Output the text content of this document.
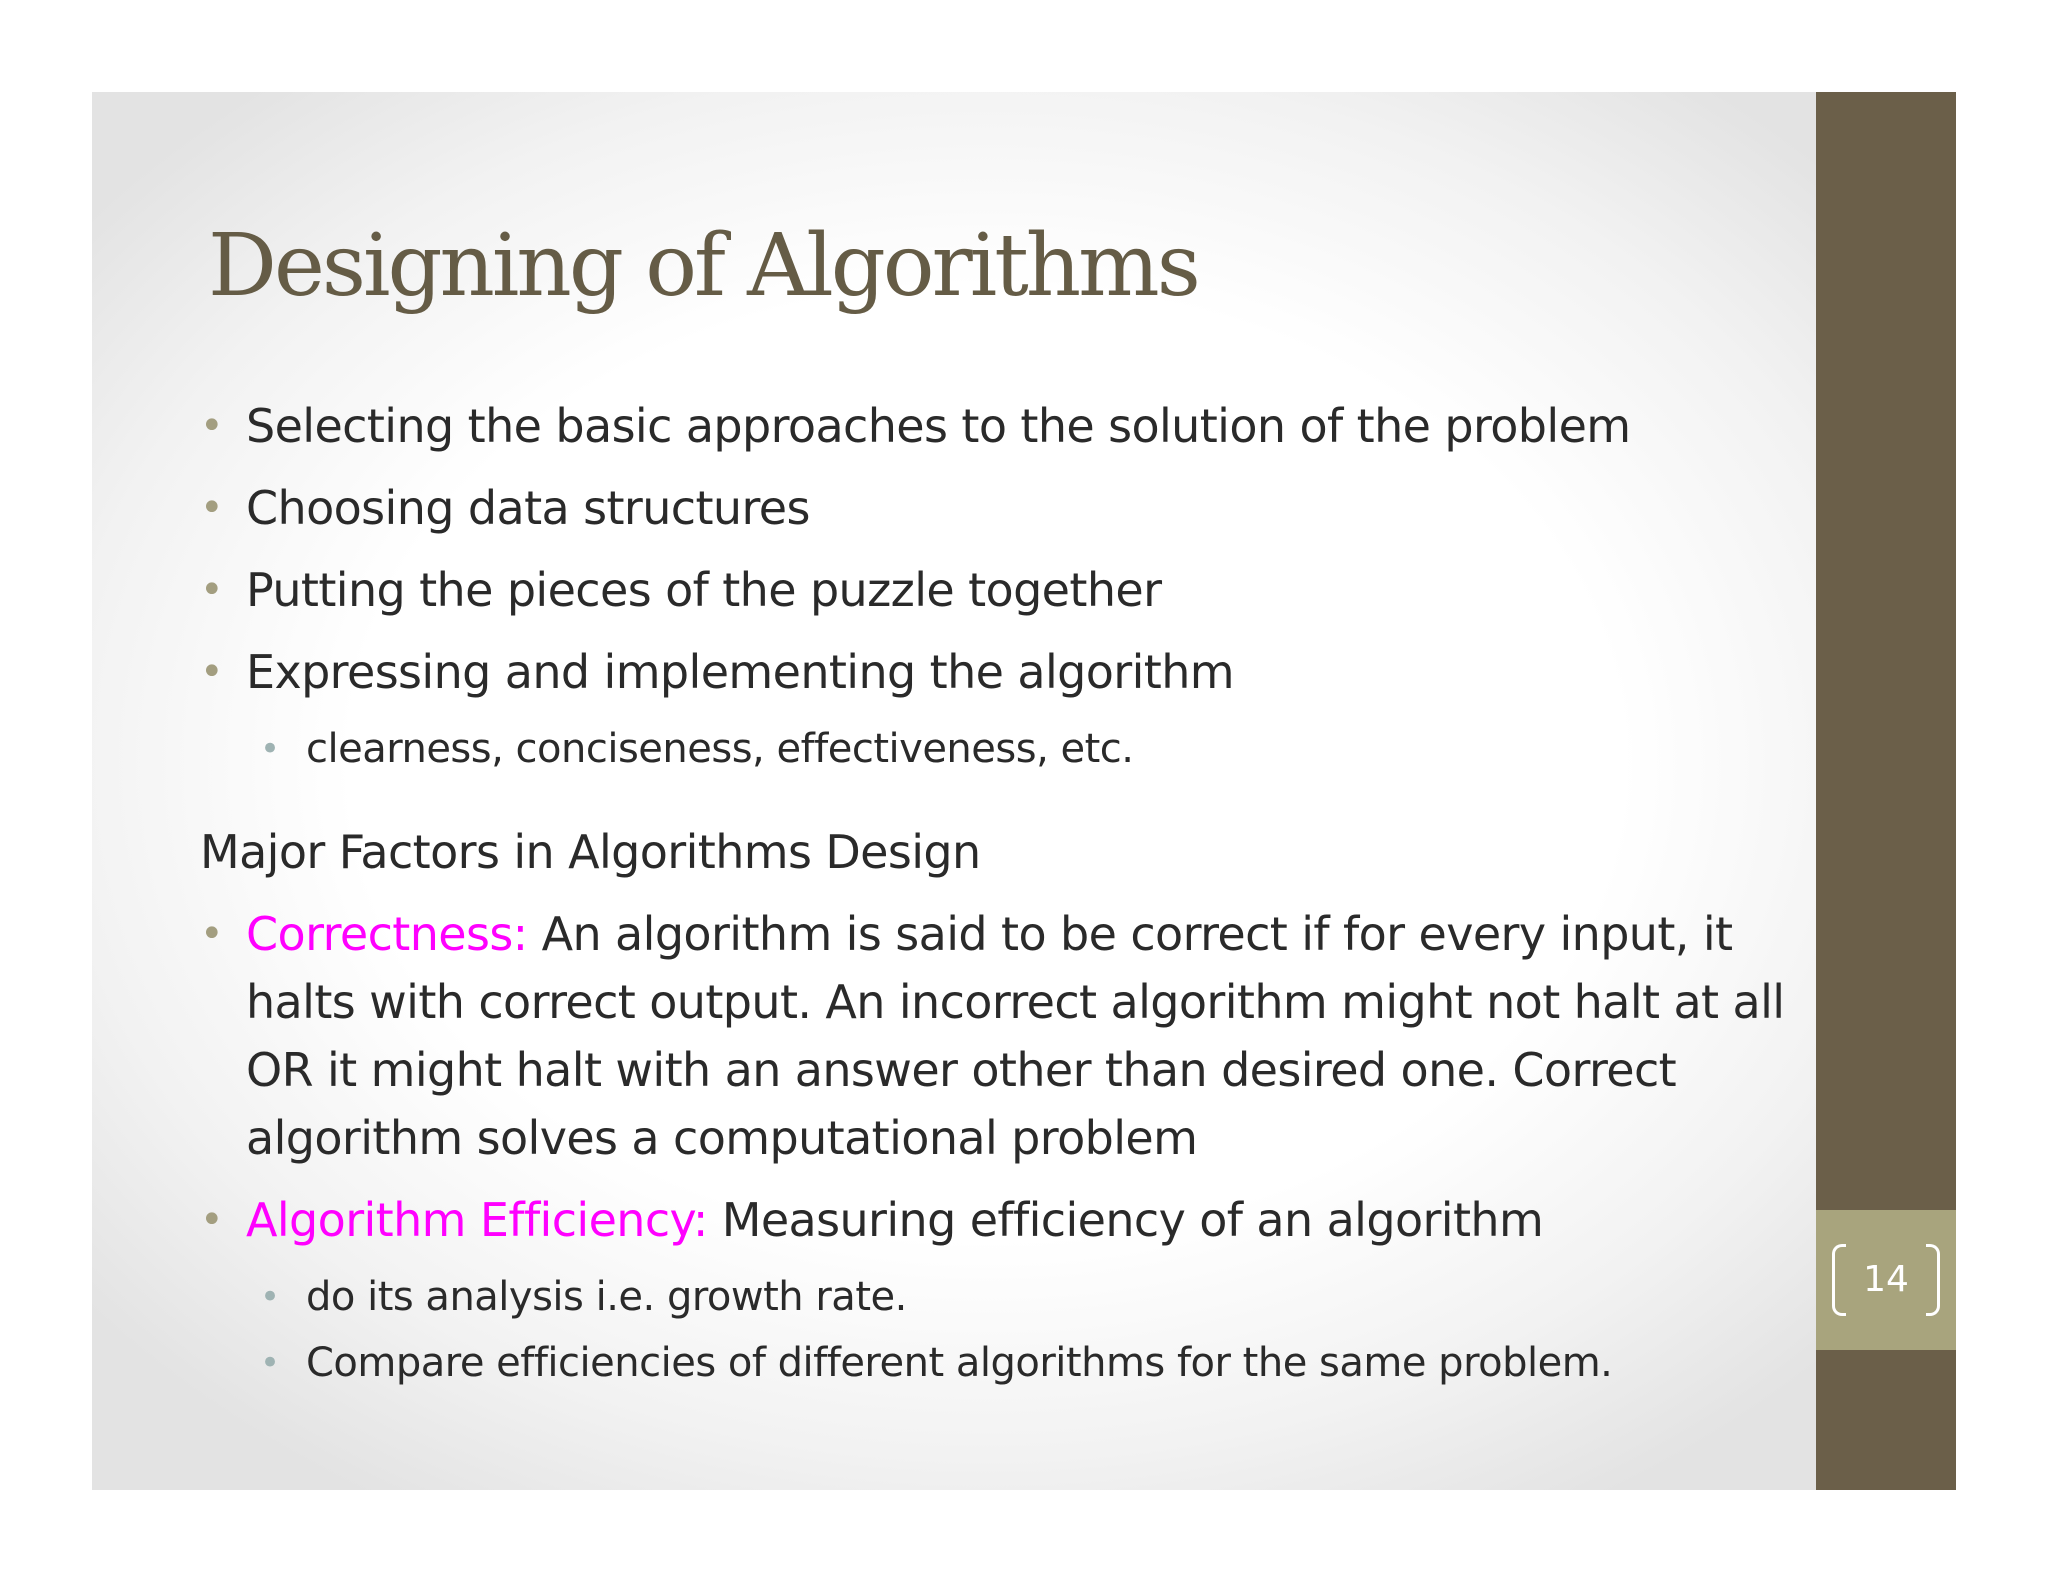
14
Designing of Algorithms
• Selecting the basic approaches to the solution of the problem
• Choosing data structures
• Putting the pieces of the puzzle together
• Expressing and implementing the algorithm
• clearness, conciseness, effectiveness, etc.
Major Factors in Algorithms Design
• Correctness: An algorithm is said to be correct if for every input, it halts with correct output. An incorrect algorithm might not halt at all OR it might halt with an answer other than desired one. Correct algorithm solves a computational problem
• Algorithm Efficiency: Measuring efficiency of an algorithm
• do its analysis i.e. growth rate.
• Compare efficiencies of different algorithms for the same problem.
